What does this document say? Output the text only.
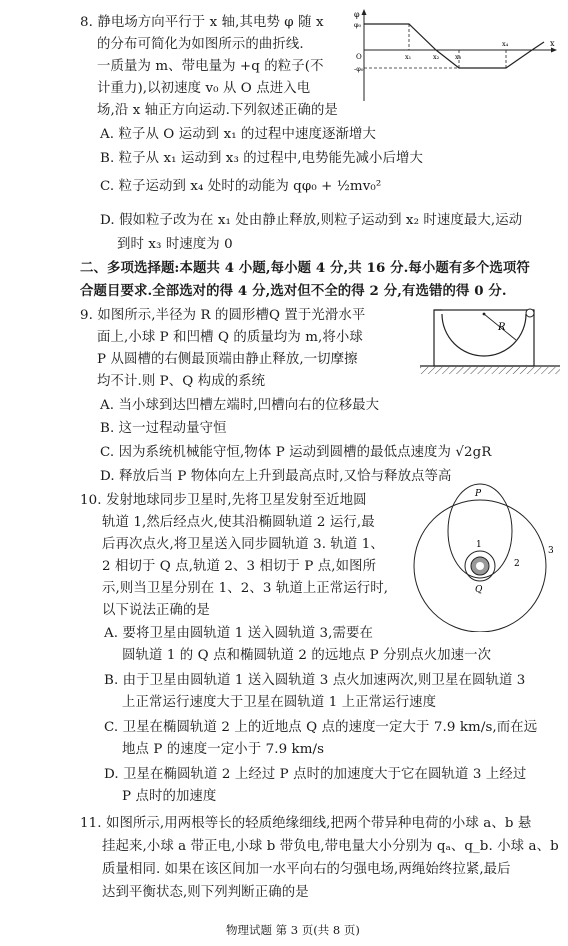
8. 静电场方向平行于 x 轴,其电势 φ 随 x
的分布可简化为如图所示的曲折线.
一质量为 m、带电量为 +q 的粒子(不
计重力),以初速度 v₀ 从 O 点进入电
场,沿 x 轴正方向运动.下列叙述正确的是
A. 粒子从 O 运动到 x₁ 的过程中速度逐渐增大
B. 粒子从 x₁ 运动到 x₃ 的过程中,电势能先减小后增大
C. 粒子运动到 x₄ 处时的动能为 qφ₀ + ½mv₀²
D. 假如粒子改为在 x₁ 处由静止释放,则粒子运动到 x₂ 时速度最大,运动
到时 x₃ 时速度为 0
φ
x
φ₀
O
-φ₀
x₁	x₂ x₃
x₄
二、多项选择题:本题共 4 小题,每小题 4 分,共 16 分.每小题有多个选项符
合题目要求.全部选对的得 4 分,选对但不全的得 2 分,有选错的得 0 分.
9. 如图所示,半径为 R 的圆形槽Q 置于光滑水平
面上,小球 P 和凹槽 Q 的质量均为 m,将小球
P 从圆槽的右侧最顶端由静止释放,一切摩擦
均不计.则 P、Q 构成的系统
A. 当小球到达凹槽左端时,凹槽向右的位移最大
B. 这一过程动量守恒
C. 因为系统机械能守恒,物体 P 运动到圆槽的最低点速度为 √2gR
D. 释放后当 P 物体向左上升到最高点时,又恰与释放点等高
R
10. 发射地球同步卫星时,先将卫星发射至近地圆
轨道 1,然后经点火,使其沿椭圆轨道 2 运行,最
后再次点火,将卫星送入同步圆轨道 3. 轨道 1、
2 相切于 Q 点,轨道 2、3 相切于 P 点,如图所
示,则当卫星分别在 1、2、3 轨道上正常运行时,
以下说法正确的是
A. 要将卫星由圆轨道 1 送入圆轨道 3,需要在
圆轨道 1 的 Q 点和椭圆轨道 2 的远地点 P 分别点火加速一次
B. 由于卫星由圆轨道 1 送入圆轨道 3 点火加速两次,则卫星在圆轨道 3
上正常运行速度大于卫星在圆轨道 1 上正常运行速度
C. 卫星在椭圆轨道 2 上的近地点 Q 点的速度一定大于 7.9 km/s,而在远
地点 P 的速度一定小于 7.9 km/s
D. 卫星在椭圆轨道 2 上经过 P 点时的加速度大于它在圆轨道 3 上经过
P 点时的加速度
P
Q
1
2
3
11. 如图所示,用两根等长的轻质绝缘细线,把两个带异种电荷的小球 a、b 悬
挂起来,小球 a 带正电,小球 b 带负电,带电量大小分别为 qₐ、q_b. 小球 a、b
质量相同. 如果在该区间加一水平向右的匀强电场,两绳始终拉紧,最后
达到平衡状态,则下列判断正确的是
物理试题 第 3 页(共 8 页)
